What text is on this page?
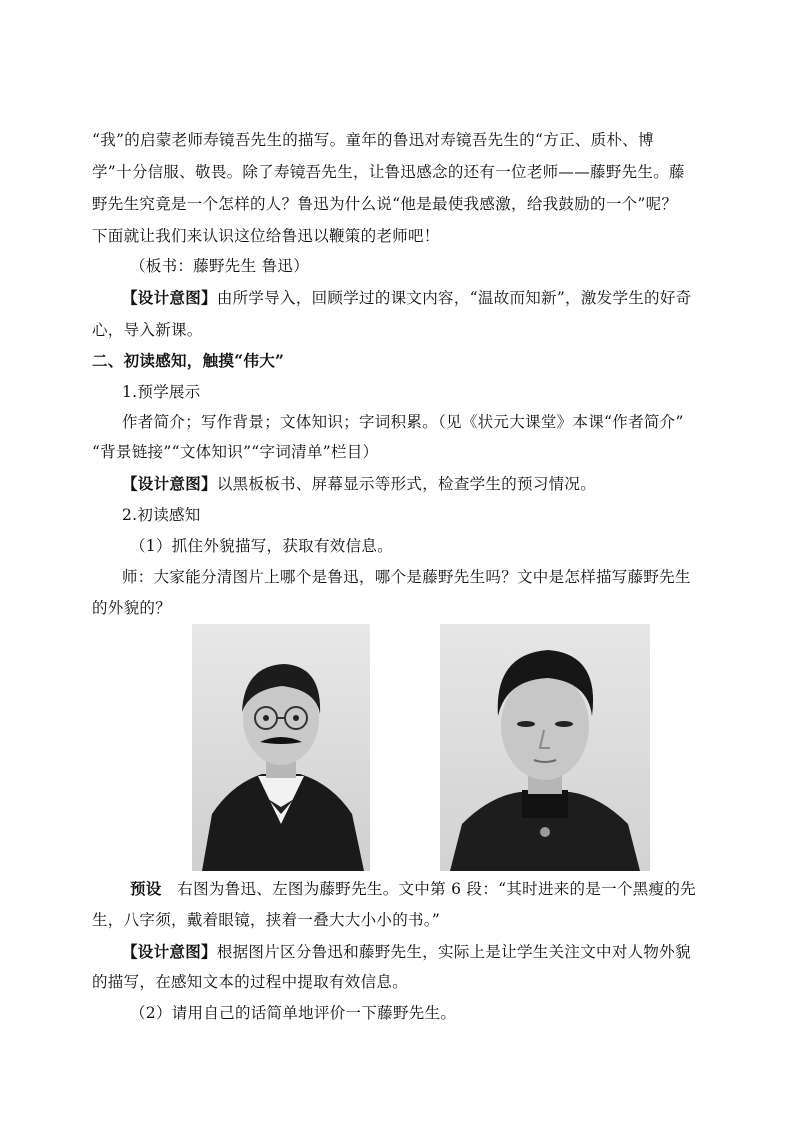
“我”的启蒙老师寿镜吾先生的描写。童年的鲁迅对寿镜吾先生的“方正、质朴、博
学”十分信服、敬畏。除了寿镜吾先生，让鲁迅感念的还有一位老师——藤野先生。藤
野先生究竟是一个怎样的人？鲁迅为什么说“他是最使我感激，给我鼓励的一个”呢？
下面就让我们来认识这位给鲁迅以鞭策的老师吧！
（板书：藤野先生 鲁迅）
【设计意图】由所学导入，回顾学过的课文内容，“温故而知新”，激发学生的好奇
心，导入新课。
二、初读感知，触摸“伟大”
1.预学展示
作者简介；写作背景；文体知识；字词积累。（见《状元大课堂》本课“作者简介”
“背景链接”“文体知识”“字词清单”栏目）
【设计意图】以黑板板书、屏幕显示等形式，检查学生的预习情况。
2.初读感知
（1）抓住外貌描写，获取有效信息。
师：大家能分清图片上哪个是鲁迅，哪个是藤野先生吗？文中是怎样描写藤野先生
的外貌的？
预设 右图为鲁迅、左图为藤野先生。文中第 6 段：“其时进来的是一个黑瘦的先
生，八字须，戴着眼镜，挟着一叠大大小小的书。”
【设计意图】根据图片区分鲁迅和藤野先生，实际上是让学生关注文中对人物外貌
的描写，在感知文本的过程中提取有效信息。
（2）请用自己的话简单地评价一下藤野先生。
